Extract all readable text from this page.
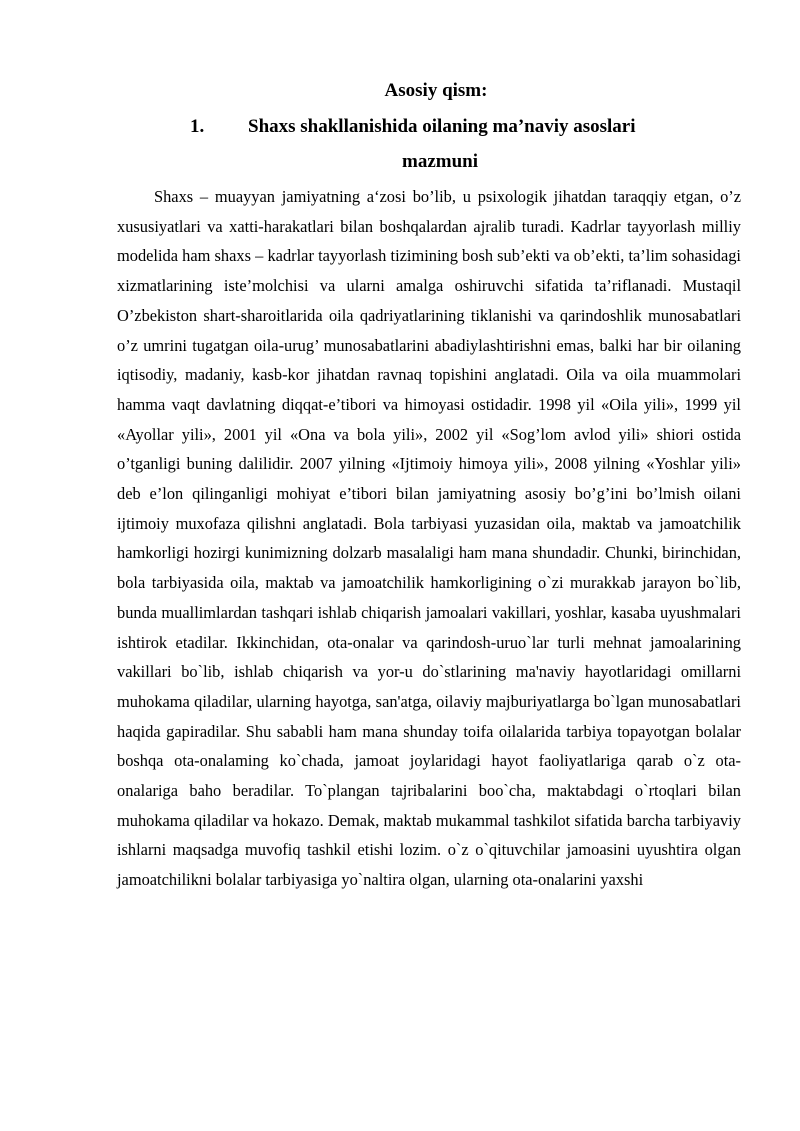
Asosiy qism:
1. Shaxs shakllanishida oilaning ma’naviy asoslari
mazmuni

Shaxs – muayyan jamiyatning a‘zosi bo’lib, u psixologik jihatdan taraqqiy etgan, o’z xususiyatlari va xatti-harakatlari bilan boshqalardan ajralib turadi. Kadrlar tayyorlash milliy modelida ham shaxs – kadrlar tayyorlash tizimining bosh sub’ekti va ob’ekti, ta’lim sohasidagi xizmatlarining iste’molchisi va ularni amalga oshiruvchi sifatida ta’riflanadi. Mustaqil O’zbekiston shart-sharoitlarida oila qadriyatlarining tiklanishi va qarindoshlik munosabatlari o’z umrini tugatgan oila-urug’ munosabatlarini abadiylashtirishni emas, balki har bir oilaning iqtisodiy, madaniy, kasb-kor jihatdan ravnaq topishini anglatadi. Oila va oila muammolari hamma vaqt davlatning diqqat-e’tibori va himoyasi ostidadir. 1998 yil «Oila yili», 1999 yil «Ayollar yili», 2001 yil «Ona va bola yili», 2002 yil «Sog’lom avlod yili» shiori ostida o’tganligi buning dalilidir. 2007 yilning «Ijtimoiy himoya yili», 2008 yilning «Yoshlar yili» deb e’lon qilinganligi mohiyat e’tibori bilan jamiyatning asosiy bo’g’ini bo’lmish oilani ijtimoiy muxofaza qilishni anglatadi. Bola tarbiyasi yuzasidan oila, maktab va jamoatchilik hamkorligi hozirgi kunimizning dolzarb masalaligi ham mana shundadir. Chunki, birinchidan, bola tarbiyasida oila, maktab va jamoatchilik hamkorligining o`zi murakkab jarayon bo`lib, bunda muallimlardan tashqari ishlab chiqarish jamoalari vakillari, yoshlar, kasaba uyushmalari ishtirok etadilar. Ikkinchidan, ota-onalar va qarindosh-uruo`lar turli mehnat jamoalarining vakillari bo`lib, ishlab chiqarish va yor-u do`stlarining ma'naviy hayotlaridagi omillarni muhokama qiladilar, ularning hayotga, san'atga, oilaviy majburiyatlarga bo`lgan munosabatlari haqida gapiradilar. Shu sababli ham mana shunday toifa oilalarida tarbiya topayotgan bolalar boshqa ota-onalaming ko`chada, jamoat joylaridagi hayot faoliyatlariga qarab o`z ota-onalariga baho beradilar. To`plangan tajribalarini boo`cha, maktabdagi o`rtoqlari bilan muhokama qiladilar va hokazo. Demak, maktab mukammal tashkilot sifatida barcha tarbiyaviy ishlarni maqsadga muvofiq tashkil etishi lozim. o`z o`qituvchilar jamoasini uyushtira olgan jamoatchilikni bolalar tarbiyasiga yo`naltira olgan, ularning ota-onalarini yaxshi
